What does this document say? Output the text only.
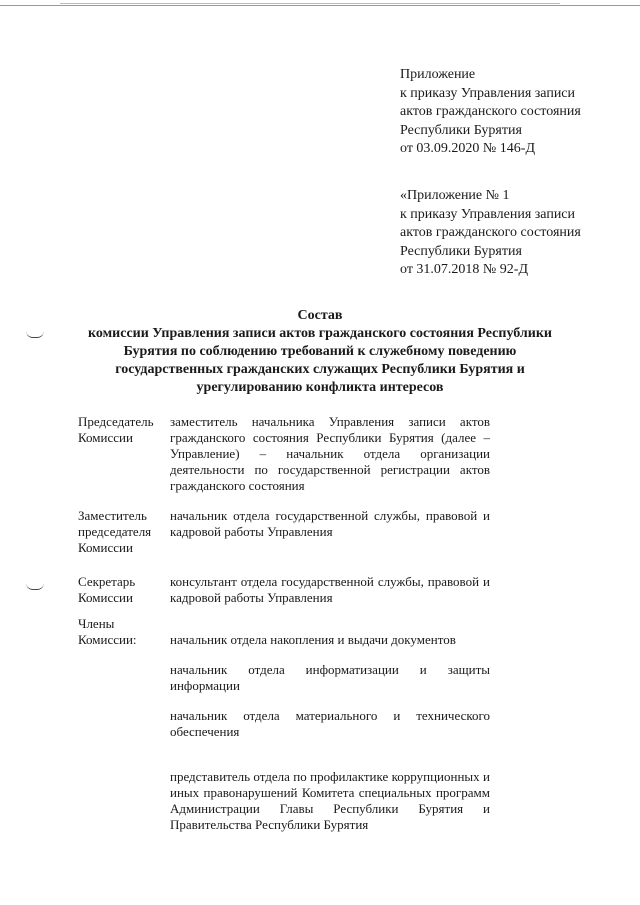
Приложение
к приказу Управления записи
актов гражданского состояния
Республики Бурятия
от 03.09.2020 № 146-Д
«Приложение № 1
к приказу Управления записи
актов гражданского состояния
Республики Бурятия
от 31.07.2018 № 92-Д
Состав
комиссии Управления записи актов гражданского состояния Республики
Бурятия по соблюдению требований к служебному поведению
государственных гражданских служащих Республики Бурятия и
урегулированию конфликта интересов
Председатель
Комиссии
заместитель начальника Управления записи актов гражданского состояния Республики Бурятия (далее – Управление) – начальник отдела организации деятельности по государственной регистрации актов гражданского состояния
Заместитель
председателя
Комиссии
начальник отдела государственной службы, правовой и кадровой работы Управления
Секретарь
Комиссии
консультант отдела государственной службы, правовой и кадровой работы Управления
Члены
Комиссии:	начальник отдела накопления и выдачи документов
начальник отдела информатизации и защиты информации
начальник отдела материального и технического обеспечения
представитель отдела по профилактике коррупционных и иных правонарушений Комитета специальных программ Администрации Главы Республики Бурятия и Правительства Республики Бурятия
